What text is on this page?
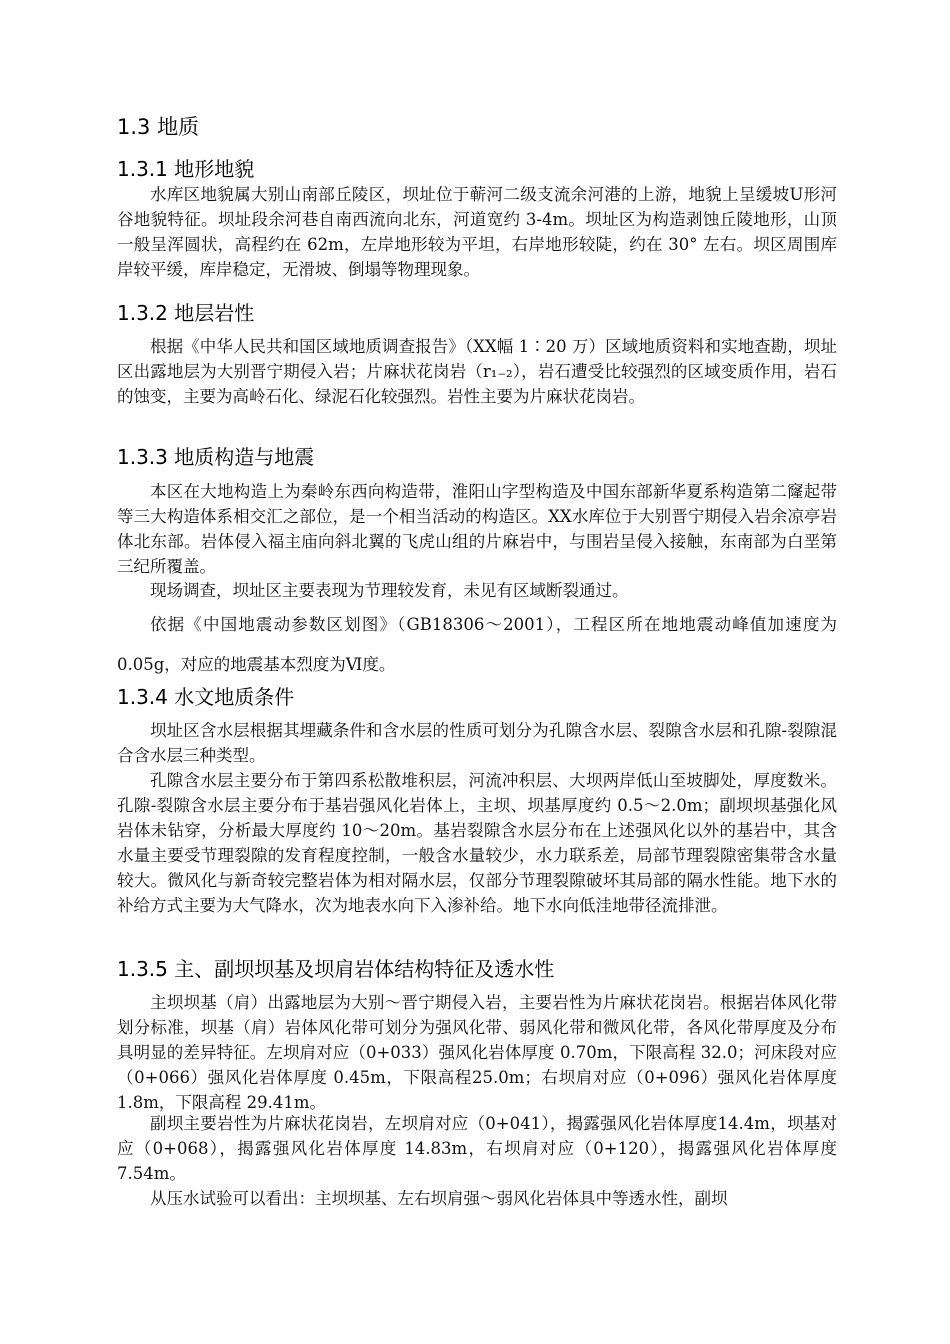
1.3 地质
1.3.1 地形地貌
水库区地貌属大别山南部丘陵区，坝址位于蕲河二级支流余河港的上游，地貌上呈缓坡U形河谷地貌特征。坝址段余河巷自南西流向北东，河道宽约 3-4m。坝址区为构造剥蚀丘陵地形，山顶一般呈浑圆状，高程约在 62m，左岸地形较为平坦，右岸地形较陡，约在 30° 左右。坝区周围库岸较平缓，库岸稳定，无滑坡、倒塌等物理现象。
1.3.2 地层岩性
根据《中华人民共和国区域地质调查报告》（XX幅 1∶20 万）区域地质资料和实地查勘，坝址区出露地层为大别晋宁期侵入岩；片麻状花岗岩（r₁₋₂），岩石遭受比较强烈的区域变质作用，岩石的蚀变，主要为高岭石化、绿泥石化较强烈。岩性主要为片麻状花岗岩。
1.3.3 地质构造与地震
本区在大地构造上为秦岭东西向构造带，淮阳山字型构造及中国东部新华夏系构造第二窿起带等三大构造体系相交汇之部位，是一个相当活动的构造区。XX水库位于大别晋宁期侵入岩余凉亭岩体北东部。岩体侵入福主庙向斜北翼的飞虎山组的片麻岩中，与围岩呈侵入接触，东南部为白垩第三纪所覆盖。
现场调查，坝址区主要表现为节理较发育，未见有区域断裂通过。
依据《中国地震动参数区划图》（GB18306～2001），工程区所在地地震动峰值加速度为0.05g，对应的地震基本烈度为Ⅵ度。
1.3.4 水文地质条件
坝址区含水层根据其埋藏条件和含水层的性质可划分为孔隙含水层、裂隙含水层和孔隙-裂隙混合含水层三种类型。
孔隙含水层主要分布于第四系松散堆积层，河流冲积层、大坝两岸低山至坡脚处，厚度数米。孔隙-裂隙含水层主要分布于基岩强风化岩体上，主坝、坝基厚度约 0.5～2.0m；副坝坝基强化风岩体未钻穿，分析最大厚度约 10～20m。基岩裂隙含水层分布在上述强风化以外的基岩中，其含水量主要受节理裂隙的发育程度控制，一般含水量较少，水力联系差，局部节理裂隙密集带含水量较大。微风化与新奇较完整岩体为相对隔水层，仅部分节理裂隙破坏其局部的隔水性能。地下水的补给方式主要为大气降水，次为地表水向下入渗补给。地下水向低洼地带径流排泄。
1.3.5 主、副坝坝基及坝肩岩体结构特征及透水性
主坝坝基（肩）出露地层为大别～晋宁期侵入岩，主要岩性为片麻状花岗岩。根据岩体风化带划分标准，坝基（肩）岩体风化带可划分为强风化带、弱风化带和微风化带，各风化带厚度及分布具明显的差异特征。左坝肩对应（0+033）强风化岩体厚度 0.70m，下限高程 32.0；河床段对应（0+066）强风化岩体厚度 0.45m，下限高程25.0m；右坝肩对应（0+096）强风化岩体厚度 1.8m，下限高程 29.41m。
副坝主要岩性为片麻状花岗岩，左坝肩对应（0+041），揭露强风化岩体厚度14.4m，坝基对应（0+068），揭露强风化岩体厚度 14.83m，右坝肩对应（0+120），揭露强风化岩体厚度 7.54m。
从压水试验可以看出：主坝坝基、左右坝肩强～弱风化岩体具中等透水性，副坝
